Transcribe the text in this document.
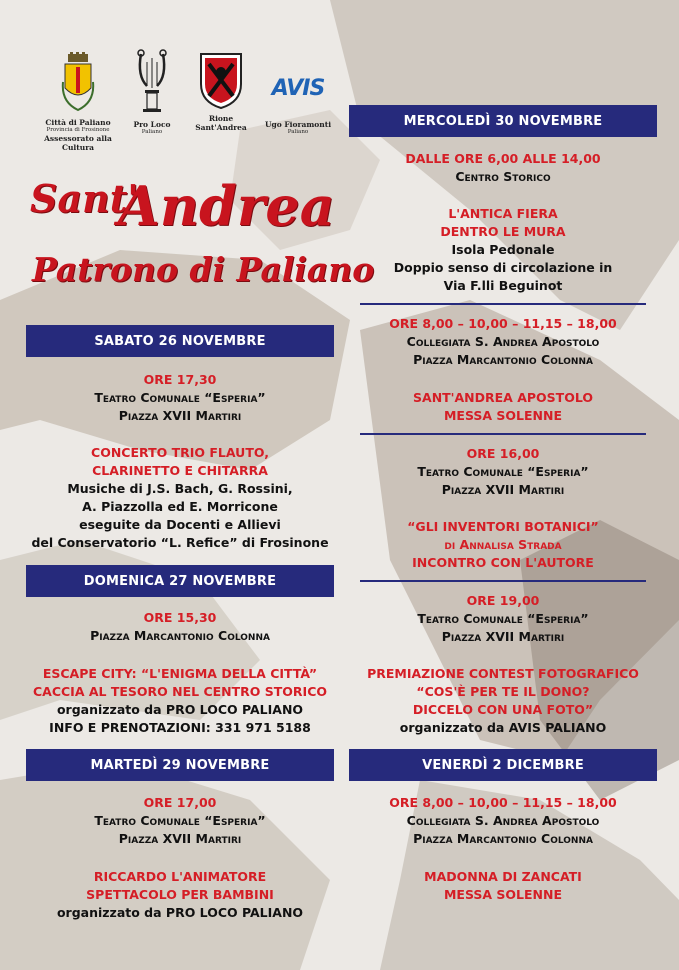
Città di Paliano
Provincia di Frosinone
Assessorato alla Cultura
Pro Loco
Paliano
Rione
Sant'Andrea
AVIS
Ugo Fioramonti
Paliano
Sant'
Andrea
Patrono di Paliano
SABATO 26 NOVEMBRE
ORE 17,30
Teatro Comunale “Esperia”
Piazza XVII Martiri
CONCERTO TRIO FLAUTO,
CLARINETTO E CHITARRA
Musiche di J.S. Bach, G. Rossini,
A. Piazzolla ed E. Morricone
eseguite da Docenti e Allievi
del Conservatorio “L. Refice” di Frosinone
DOMENICA 27 NOVEMBRE
ORE 15,30
Piazza Marcantonio Colonna
ESCAPE CITY: “L'ENIGMA DELLA CITTÀ”
CACCIA AL TESORO NEL CENTRO STORICO
organizzato da PRO LOCO PALIANO
INFO E PRENOTAZIONI: 331 971 5188
MARTEDÌ 29 NOVEMBRE
ORE 17,00
Teatro Comunale “Esperia”
Piazza XVII Martiri
RICCARDO L'ANIMATORE
SPETTACOLO PER BAMBINI
organizzato da PRO LOCO PALIANO
MERCOLEDÌ 30 NOVEMBRE
DALLE ORE 6,00 ALLE 14,00
Centro Storico
L'ANTICA FIERA
DENTRO LE MURA
Isola Pedonale
Doppio senso di circolazione in
Via F.lli Beguinot
ORE 8,00 – 10,00 – 11,15 – 18,00
Collegiata S. Andrea Apostolo
Piazza Marcantonio Colonna
SANT'ANDREA APOSTOLO
MESSA SOLENNE
ORE 16,00
Teatro Comunale “Esperia”
Piazza XVII Martiri
“GLI INVENTORI BOTANICI”
di Annalisa Strada
INCONTRO CON L'AUTORE
ORE 19,00
Teatro Comunale “Esperia”
Piazza XVII Martiri
PREMIAZIONE CONTEST FOTOGRAFICO
“COS'È PER TE IL DONO?
DICCELO CON UNA FOTO”
organizzato da AVIS PALIANO
VENERDÌ 2 DICEMBRE
ORE 8,00 – 10,00 – 11,15 – 18,00
Collegiata S. Andrea Apostolo
Piazza Marcantonio Colonna
MADONNA DI ZANCATI
MESSA SOLENNE
